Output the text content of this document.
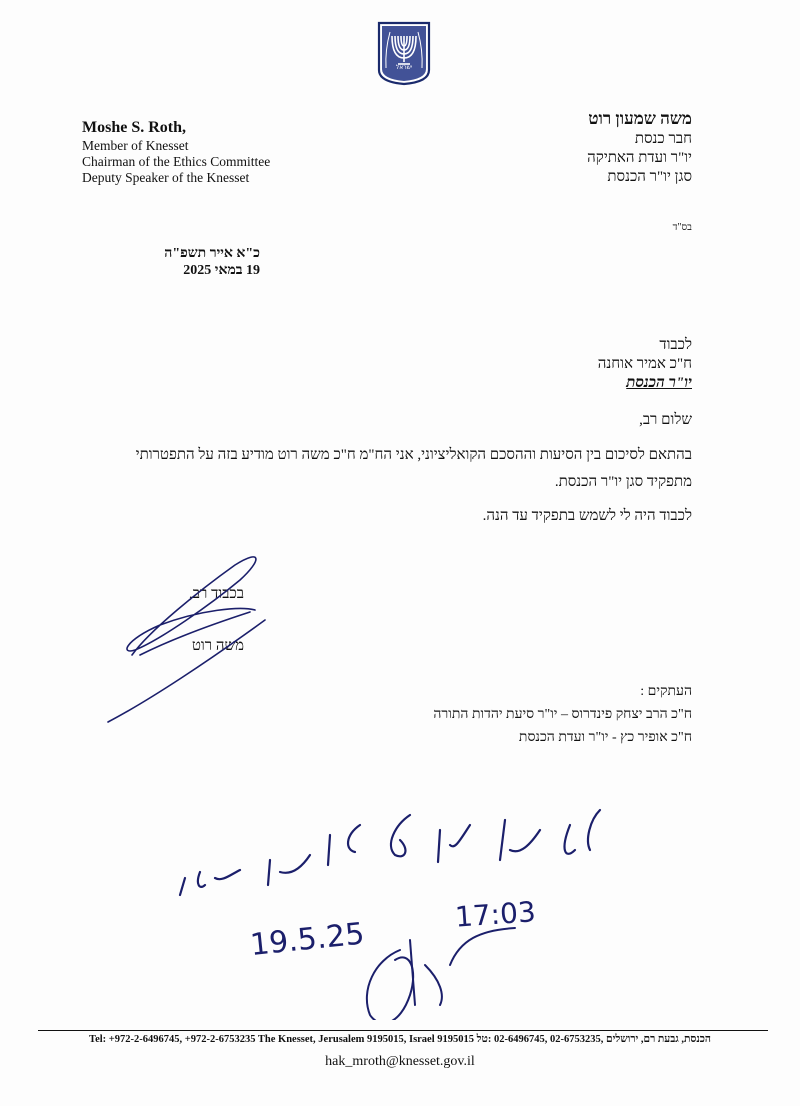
ישראל
Moshe S. Roth,
Member of Knesset
Chairman of the Ethics Committee
Deputy Speaker of the Knesset
משה שמעון רוט
חבר כנסת
יו"ר ועדת האתיקה
סגן יו"ר הכנסת
בס"ד
כ"א אייר תשפ"ה
19 במאי 2025
לכבוד
ח"כ אמיר אוחנה
יו"ר הכנסת
שלום רב,
בהתאם לסיכום בין הסיעות וההסכם הקואליציוני, אני הח"מ ח"כ משה רוט מודיע בזה על התפטרותי מתפקיד סגן יו"ר הכנסת.
לכבוד היה לי לשמש בתפקיד עד הנה.
בכבוד רב,
משה רוט
העתקים :
ח"כ הרב יצחק פינדרוס – יו"ר סיעת יהדות התורה
ח"כ אופיר כץ - יו"ר ועדת הכנסת
19.5.25
17:03
Tel: +972-2-6496745, +972-2-6753235 The Knesset, Jerusalem 9195015, Israel 9195015 הכנסת, גבעת רם, ירושלים ,02-6753235 ,02-6496745 :טל
hak_mroth@knesset.gov.il
